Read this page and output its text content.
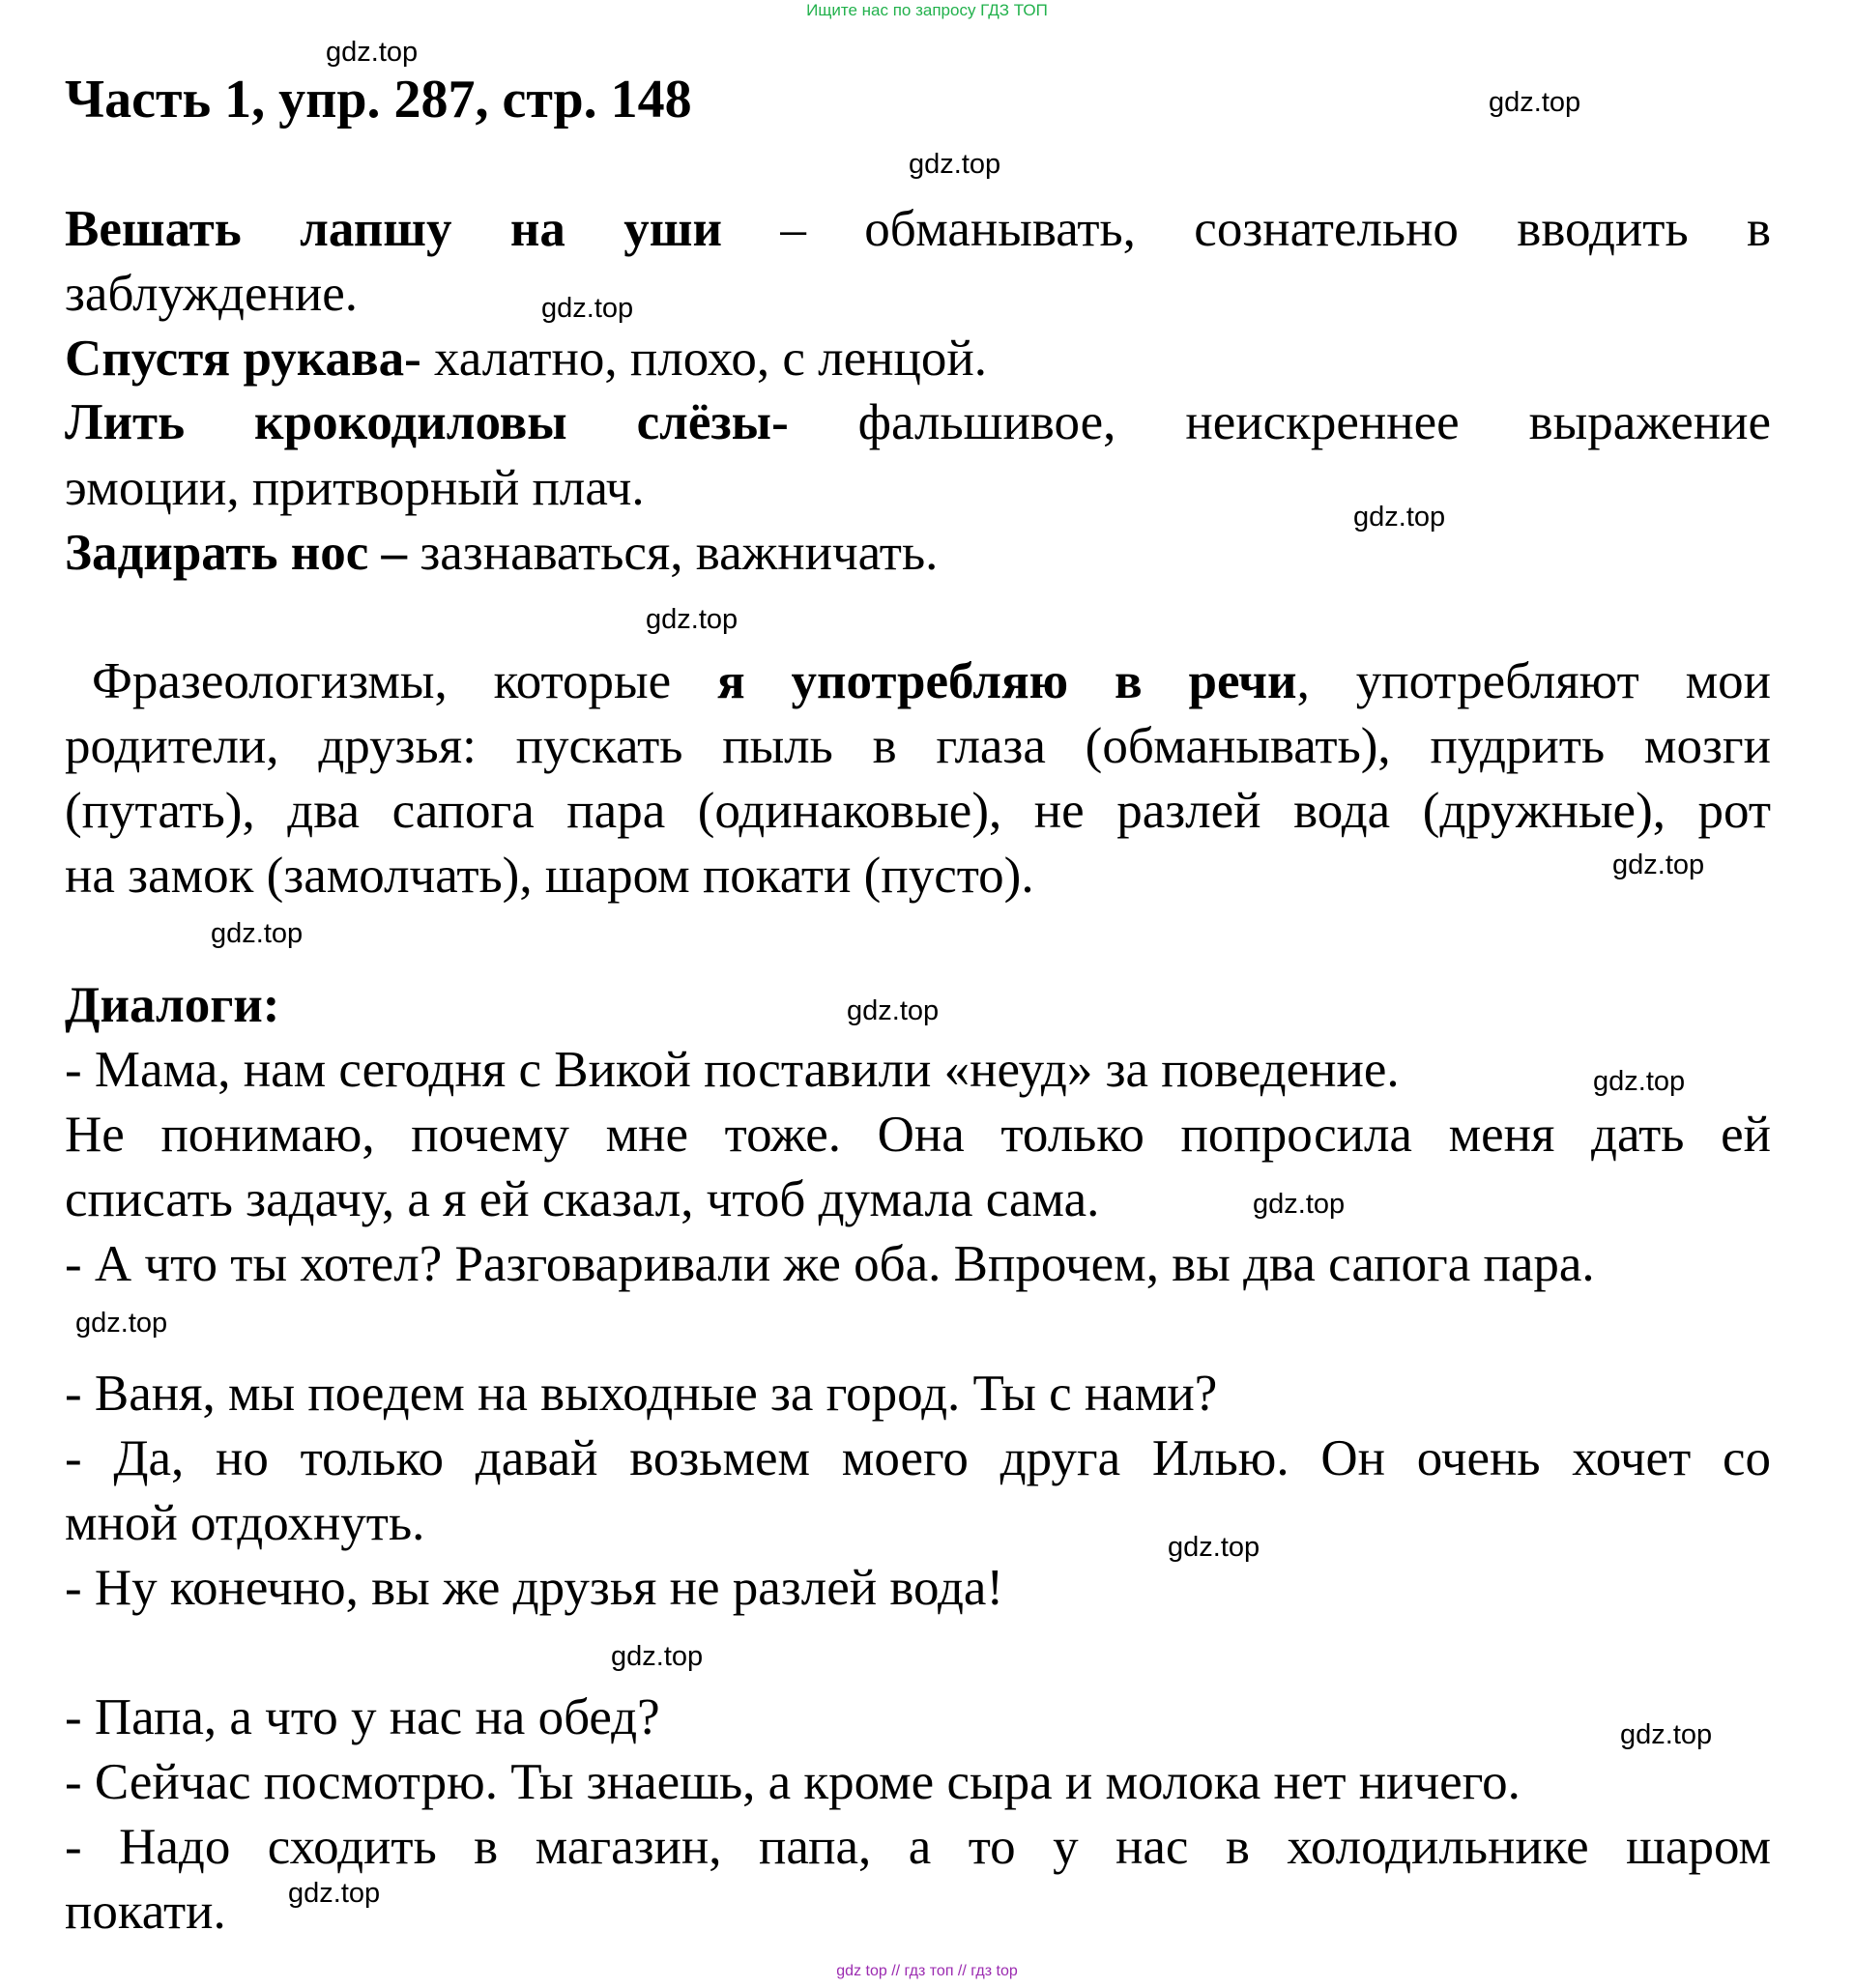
Ищите нас по запросу ГДЗ ТОП
gdz.top
gdz.top
gdz.top
gdz.top
gdz.top
gdz.top
gdz.top
gdz.top
gdz.top
gdz.top
gdz.top
gdz.top
gdz.top
gdz.top
gdz.top
gdz.top
Часть 1, упр. 287, стр. 148
Вешать лапшу на уши – обманывать, сознательно вводить в
заблуждение.
Спустя рукава- халатно, плохо, с ленцой.
Лить крокодиловы слёзы- фальшивое, неискреннее выражение
эмоции, притворный плач.
Задирать нос – зазнаваться, важничать.
Фразеологизмы, которые я употребляю в речи, употребляют мои
родители, друзья: пускать пыль в глаза (обманывать), пудрить мозги
(путать), два сапога пара (одинаковые), не разлей вода (дружные), рот
на замок (замолчать), шаром покати (пусто).
Диалоги:
- Мама, нам сегодня с Викой поставили «неуд» за поведение.
Не понимаю, почему мне тоже. Она только попросила меня дать ей
списать задачу, а я ей сказал, чтоб думала сама.
- А что ты хотел? Разговаривали же оба. Впрочем, вы два сапога пара.
- Ваня, мы поедем на выходные за город. Ты с нами?
- Да, но только давай возьмем моего друга Илью. Он очень хочет со
мной отдохнуть.
- Ну конечно, вы же друзья не разлей вода!
- Папа, а что у нас на обед?
- Сейчас посмотрю. Ты знаешь, а кроме сыра и молока нет ничего.
- Надо сходить в магазин, папа, а то у нас в холодильнике шаром
покати.
gdz top // гдз топ // гдз top
